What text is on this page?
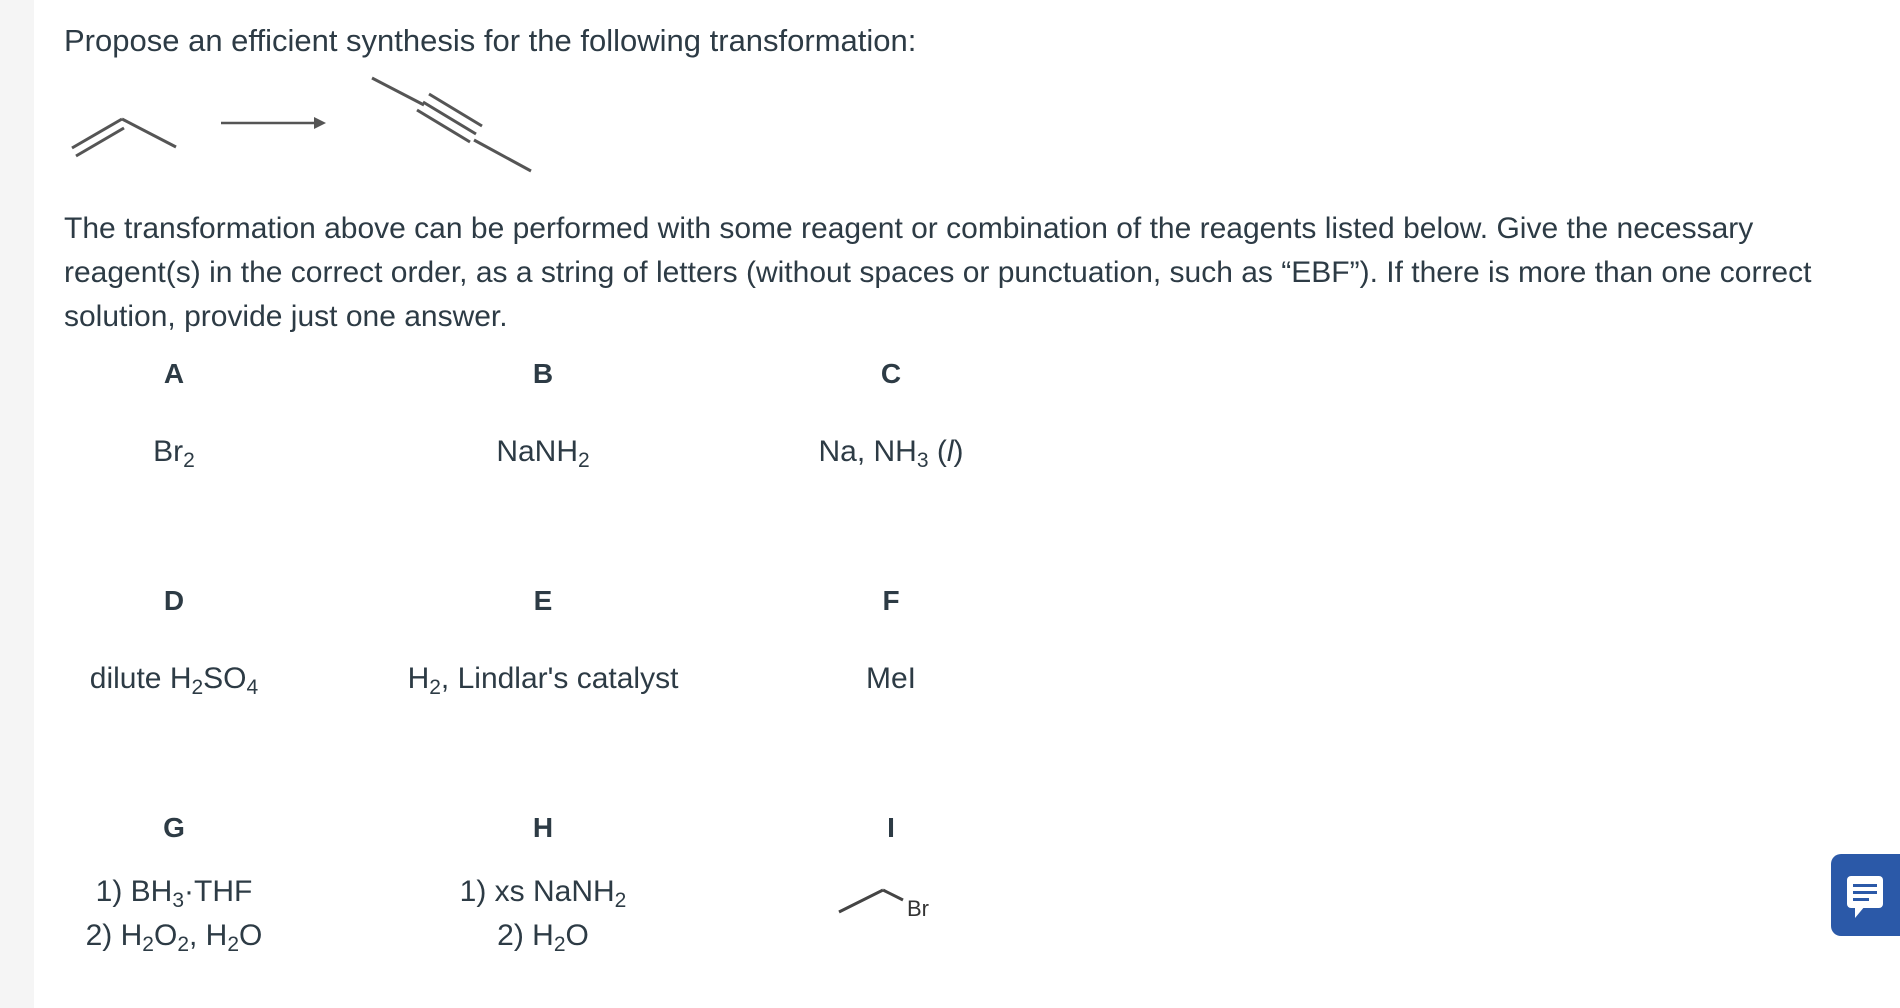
Propose an efficient synthesis for the following transformation:

The transformation above can be performed with some reagent or combination of the reagents listed below. Give the necessary reagent(s) in the correct order, as a string of letters (without spaces or punctuation, such as “EBF”). If there is more than one correct solution, provide just one answer.
A
$Br_2$
B
NaNH$_2$
C
Na, $NH_3$ (l)
D
dilute $H_2SO_4$
E
$H_2$, Lindlar's catalyst
F
MeI
G
1) $BH_3\cdot THF$
2) $H_2O_2$, $H_2O$
H
1) xs NaNH$_2$
2) $H_2O$
I
Br
